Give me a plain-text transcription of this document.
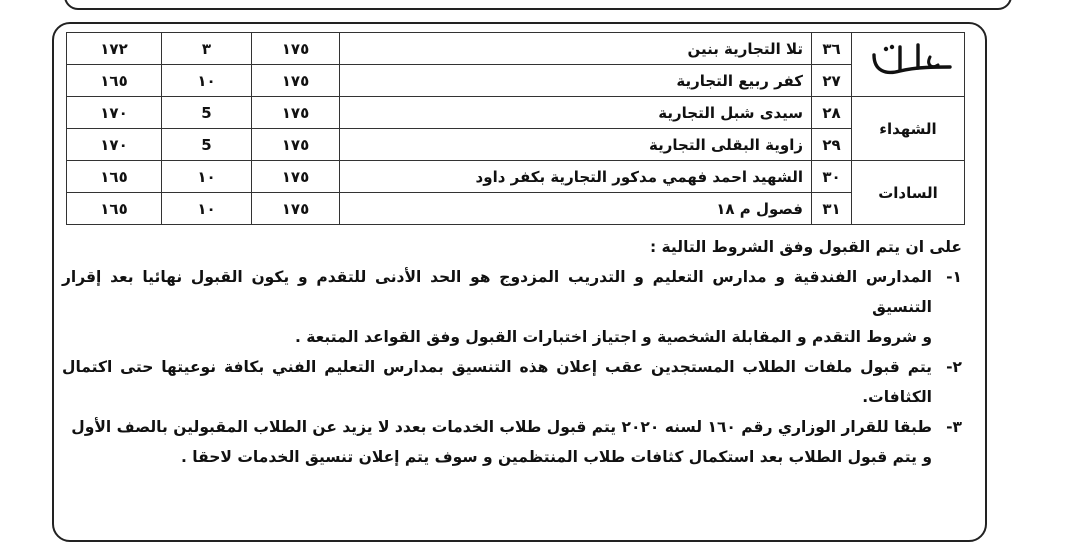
	٣٦	تلا التجارية بنين	١٧٥	٣	١٧٢
	٢٧	كفر ربيع التجارية	١٧٥	١٠	١٦٥
الشهداء	٢٨	سيدى شبل التجارية	١٧٥	5	١٧٠
	٢٩	زاوية البقلى التجارية	١٧٥	5	١٧٠
السادات	٣٠	الشهيد احمد فهمي مدكور التجارية بكفر داود	١٧٥	١٠	١٦٥
	٣١	فصول م ١٨	١٧٥	١٠	١٦٥

على ان يتم القبول وفق الشروط التالية :

١-
المدارس الفندقية و مدارس التعليم و التدريب المزدوج هو الحد الأدنى للتقدم و يكون القبول نهائيا بعد إقرار التنسيق

و شروط التقدم و المقابلة الشخصية و اجتياز اختبارات القبول وفق القواعد المتبعة .

٢-
يتم قبول ملفات الطلاب المستجدين عقب إعلان هذه التنسيق بمدارس التعليم الفني بكافة نوعيتها حتى اكتمال الكثافات.
٣-
طبقا للقرار الوزاري رقم ١٦٠ لسنه ٢٠٢٠ يتم قبول طلاب الخدمات بعدد لا يزيد عن الطلاب المقبولين بالصف الأول

و يتم قبول الطلاب بعد استكمال كثافات طلاب المنتظمين و سوف يتم إعلان تنسيق الخدمات لاحقا .
